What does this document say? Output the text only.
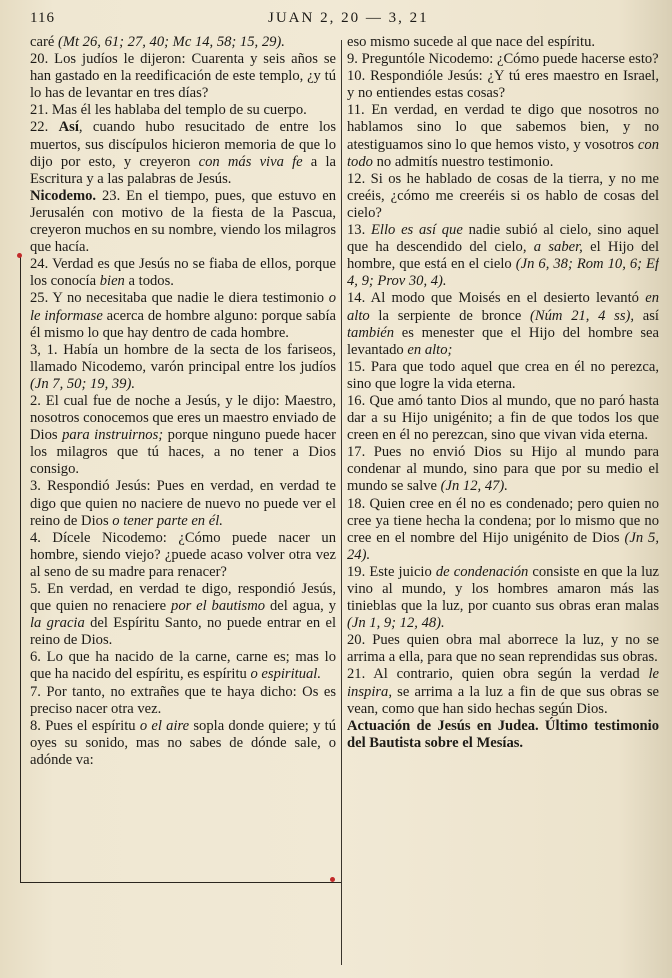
116	JUAN 2, 20 — 3, 21

caré (Mt 26, 61; 27, 40; Mc 14, 58; 15, 29).

20. Los judíos le dijeron: Cuarenta y seis años se han gastado en la reedificación de este templo, ¿y tú lo has de levantar en tres días?

21. Mas él les hablaba del templo de su cuerpo.

22. Así, cuando hubo resucitado de entre los muertos, sus discípulos hicieron memoria de que lo dijo por esto, y creyeron con más viva fe a la Escritura y a las palabras de Jesús.

Nicodemo. 23. En el tiempo, pues, que estuvo en Jerusalén con motivo de la fiesta de la Pascua, creyeron muchos en su nombre, viendo los milagros que hacía.

24. Verdad es que Jesús no se fiaba de ellos, porque los conocía bien a todos.

25. Y no necesitaba que nadie le diera testimonio o le informase acerca de hombre alguno: porque sabía él mismo lo que hay dentro de cada hombre.

3, 1. Había un hombre de la secta de los fariseos, llamado Nicodemo, varón principal entre los judíos (Jn 7, 50; 19, 39).

2. El cual fue de noche a Jesús, y le dijo: Maestro, nosotros conocemos que eres un maestro enviado de Dios para instruirnos; porque ninguno puede hacer los milagros que tú haces, a no tener a Dios consigo.

3. Respondió Jesús: Pues en verdad, en verdad te digo que quien no naciere de nuevo no puede ver el reino de Dios o tener parte en él.

4. Dícele Nicodemo: ¿Cómo puede nacer un hombre, siendo viejo? ¿puede acaso volver otra vez al seno de su madre para renacer?

5. En verdad, en verdad te digo, respondió Jesús, que quien no renaciere por el bautismo del agua, y la gracia del Espíritu Santo, no puede entrar en el reino de Dios.

6. Lo que ha nacido de la carne, carne es; mas lo que ha nacido del espíritu, es espíritu o espiritual.

7. Por tanto, no extrañes que te haya dicho: Os es preciso nacer otra vez.

8. Pues el espíritu o el aire sopla donde quiere; y tú oyes su sonido, mas no sabes de dónde sale, o adónde va:

eso mismo sucede al que nace del espíritu.

9. Preguntóle Nicodemo: ¿Cómo puede hacerse esto?

10. Respondióle Jesús: ¿Y tú eres maestro en Israel, y no entiendes estas cosas?

11. En verdad, en verdad te digo que nosotros no hablamos sino lo que sabemos bien, y no atestiguamos sino lo que hemos visto, y vosotros con todo no admitís nuestro testimonio.

12. Si os he hablado de cosas de la tierra, y no me creéis, ¿cómo me creeréis si os hablo de cosas del cielo?

13. Ello es así que nadie subió al cielo, sino aquel que ha descendido del cielo, a saber, el Hijo del hombre, que está en el cielo (Jn 6, 38; Rom 10, 6; Ef 4, 9; Prov 30, 4).

14. Al modo que Moisés en el desierto levantó en alto la serpiente de bronce (Núm 21, 4 ss), así también es menester que el Hijo del hombre sea levantado en alto;

15. Para que todo aquel que crea en él no perezca, sino que logre la vida eterna.

16. Que amó tanto Dios al mundo, que no paró hasta dar a su Hijo unigénito; a fin de que todos los que creen en él no perezcan, sino que vivan vida eterna.

17. Pues no envió Dios su Hijo al mundo para condenar al mundo, sino para que por su medio el mundo se salve (Jn 12, 47).

18. Quien cree en él no es condenado; pero quien no cree ya tiene hecha la condena; por lo mismo que no cree en el nombre del Hijo unigénito de Dios (Jn 5, 24).

19. Este juicio de condenación consiste en que la luz vino al mundo, y los hombres amaron más las tinieblas que la luz, por cuanto sus obras eran malas (Jn 1, 9; 12, 48).

20. Pues quien obra mal aborrece la luz, y no se arrima a ella, para que no sean reprendidas sus obras.

21. Al contrario, quien obra según la verdad le inspira, se arrima a la luz a fin de que sus obras se vean, como que han sido hechas según Dios.

Actuación de Jesús en Judea. Último testimonio del Bautista sobre el Mesías.
